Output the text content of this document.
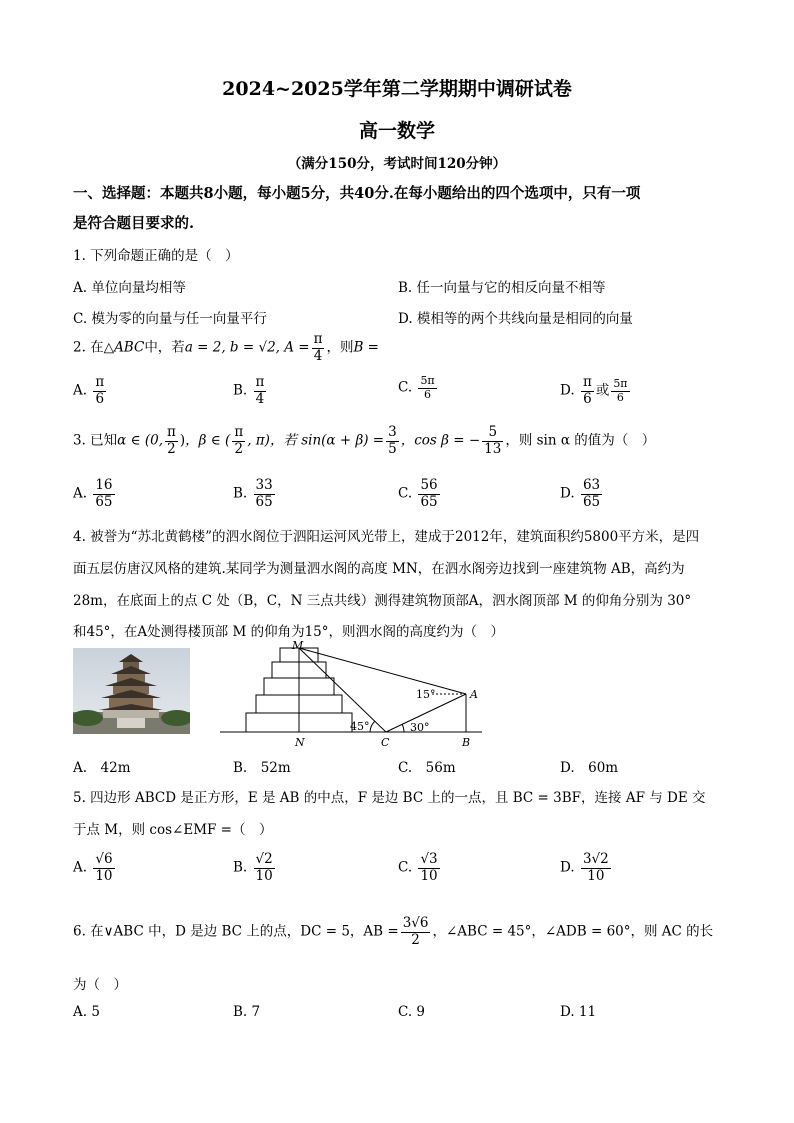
2024~2025学年第二学期期中调研试卷
高一数学
（满分150分，考试时间120分钟）
一、选择题：本题共8小题，每小题5分，共40分.在每小题给出的四个选项中，只有一项
是符合题目要求的.
1. 下列命题正确的是（　）
A. 单位向量均相等	B. 任一向量与它的相反向量不相等
C. 模为零的向量与任一向量平行	D. 模相等的两个共线向量是相同的向量
2. 在△ABC中，若a = 2, b = √2, $A = \frac{\pi}{4}$ ，则B =
A. $\frac{\pi}{6}$	B. $\frac{\pi}{4}$	C. $\frac{5\pi}{6}$	D. $\frac{\pi}{6}$ 或 $\frac{5\pi}{6}$
3. 已知α ∈ (0, $\frac{\pi}{2}$ )，β ∈ ( $\frac{\pi}{2}$ , π)，若 $\sin(\alpha + \beta) = \frac{3}{5}$ ，cos β = − $\frac{5}{13}$ ，则 sin α 的值为（　）
A. $\frac{16}{65}$	B. $\frac{33}{65}$	C. $\frac{56}{65}$	D. $\frac{63}{65}$
4. 被誉为“苏北黄鹤楼”的泗水阁位于泗阳运河风光带上，建成于2012年，建筑面积约5800平方米，是四
面五层仿唐汉风格的建筑.某同学为测量泗水阁的高度 MN，在泗水阁旁边找到一座建筑物 AB，高约为
28m，在底面上的点 C 处（B，C，N 三点共线）测得建筑物顶部A，泗水阁顶部 M 的仰角分别为 30°
和45°，在A处测得楼顶部 M 的仰角为15°，则泗水阁的高度约为（　）
M
A
N	C	B
15°
45°	30°
A.　42m	B.　52m	C.　56m	D.　60m
5. 四边形 ABCD 是正方形，E 是 AB 的中点，F 是边 BC 上的一点，且 BC = 3BF，连接 AF 与 DE 交
于点 M，则 cos∠EMF =（　）
A. $\frac{√6}{10}$	B. $\frac{√2}{10}$	C. $\frac{√3}{10}$	D. $\frac{3√2}{10}$
6. 在∨ABC 中，D 是边 BC 上的点，DC = 5，AB = $\frac{3√6}{2}$ ，∠ABC = 45°，∠ADB = 60°，则 AC 的长
为（　）
A. 5	B. 7	C. 9	D. 11
